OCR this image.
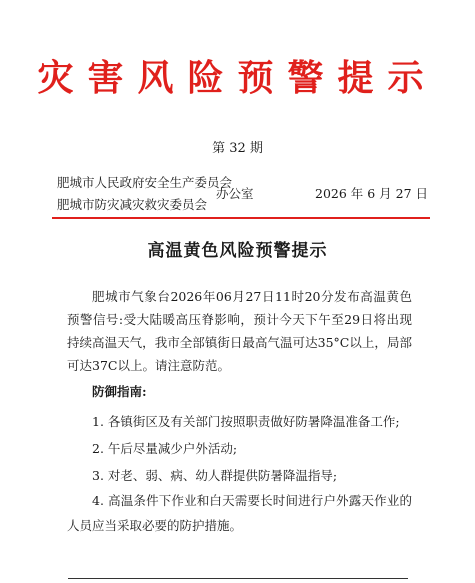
灾害风险预警提示
第 32 期
肥城市人民政府安全生产委员会
肥城市防灾减灾救灾委员会
办公室	2026 年 6 月 27 日
高温黄色风险预警提示
肥城市气象台2026年06月27日11时20分发布高温黄色预警信号:受大陆暖高压脊影响，预计今天下午至29日将出现持续高温天气，我市全部镇街日最高气温可达35°C以上，局部可达37C以上。请注意防范。
防御指南:
1. 各镇街区及有关部门按照职责做好防暑降温准备工作;
2. 午后尽量减少户外活动;
3. 对老、弱、病、幼人群提供防暑降温指导;
4. 高温条件下作业和白天需要长时间进行户外露天作业的人员应当采取必要的防护措施。
